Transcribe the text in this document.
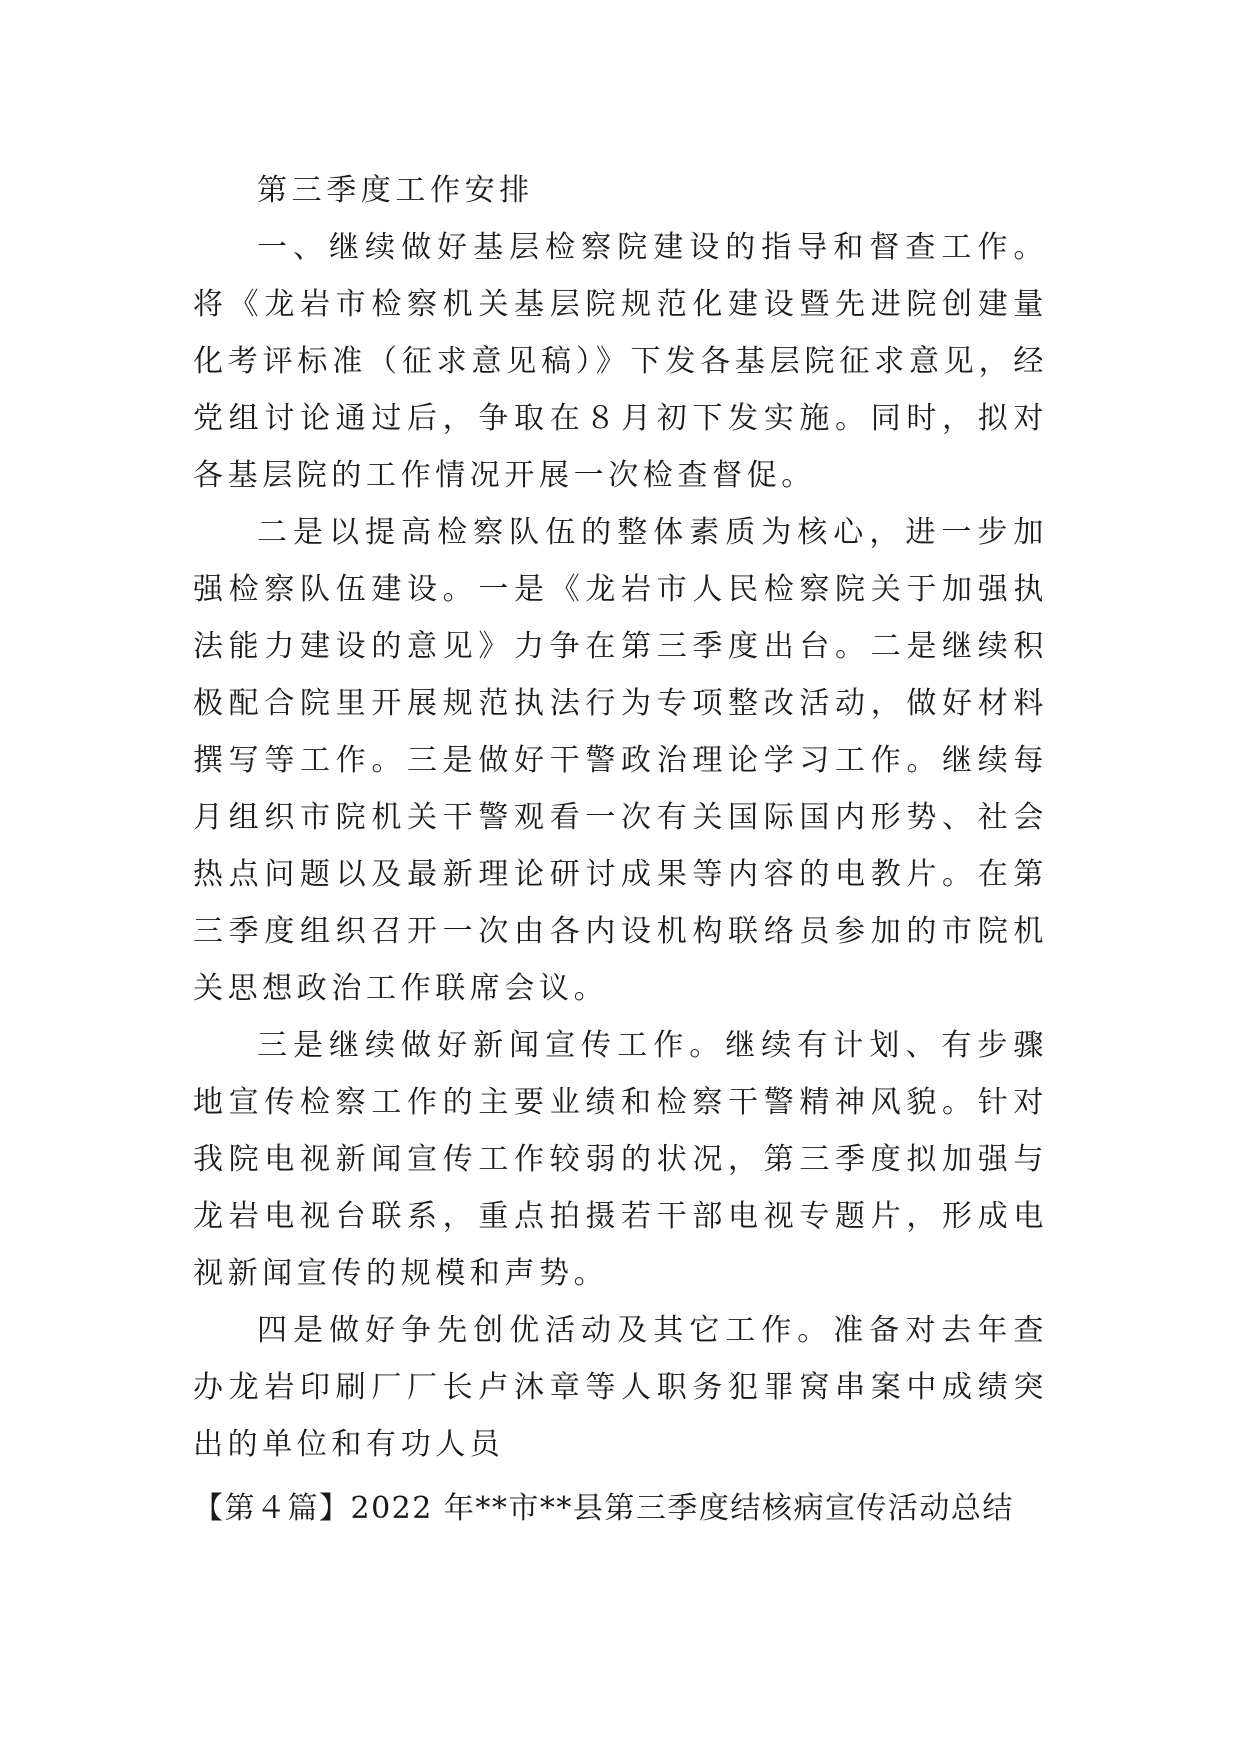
第三季度工作安排

一、继续做好基层检察院建设的指导和督查工作。将《龙岩市检察机关基层院规范化建设暨先进院创建量化考评标准（征求意见稿）》下发各基层院征求意见，经党组讨论通过后，争取在８月初下发实施。同时，拟对各基层院的工作情况开展一次检查督促。

二是以提高检察队伍的整体素质为核心，进一步加强检察队伍建设。一是《龙岩市人民检察院关于加强执法能力建设的意见》力争在第三季度出台。二是继续积极配合院里开展规范执法行为专项整改活动，做好材料撰写等工作。三是做好干警政治理论学习工作。继续每月组织市院机关干警观看一次有关国际国内形势、社会热点问题以及最新理论研讨成果等内容的电教片。在第三季度组织召开一次由各内设机构联络员参加的市院机关思想政治工作联席会议。

三是继续做好新闻宣传工作。继续有计划、有步骤地宣传检察工作的主要业绩和检察干警精神风貌。针对我院电视新闻宣传工作较弱的状况，第三季度拟加强与龙岩电视台联系，重点拍摄若干部电视专题片，形成电视新闻宣传的规模和声势。

四是做好争先创优活动及其它工作。准备对去年查办龙岩印刷厂厂长卢沐章等人职务犯罪窝串案中成绩突出的单位和有功人员

【第４篇】2022 年**市**县第三季度结核病宣传活动总结
